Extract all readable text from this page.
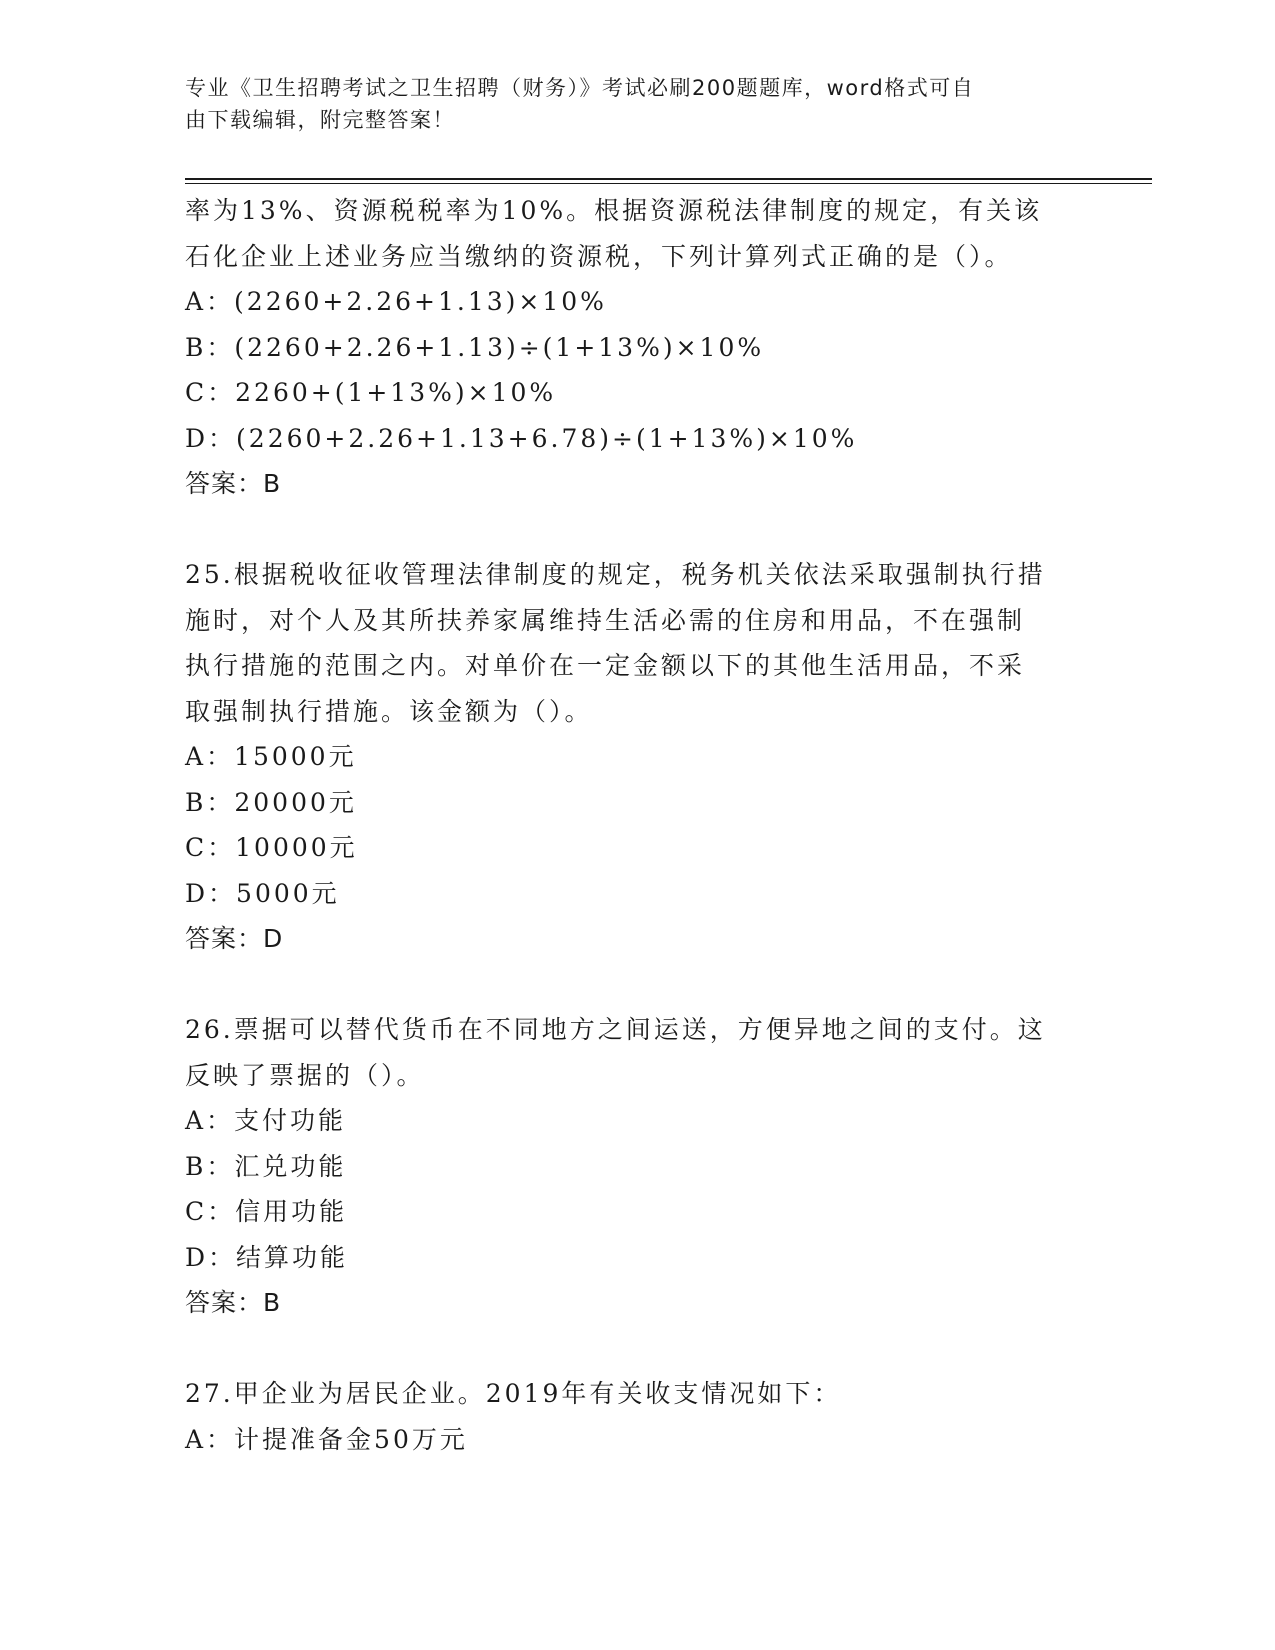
专业《卫生招聘考试之卫生招聘（财务）》考试必刷200题题库，word格式可自
由下载编辑，附完整答案！
率为13%、资源税税率为10%。根据资源税法律制度的规定，有关该
石化企业上述业务应当缴纳的资源税，下列计算列式正确的是（）。
A：(2260+2.26+1.13)×10%
B：(2260+2.26+1.13)÷(1+13%)×10%
C：2260+(1+13%)×10%
D：(2260+2.26+1.13+6.78)÷(1+13%)×10%
答案：B
25.根据税收征收管理法律制度的规定，税务机关依法采取强制执行措
施时，对个人及其所扶养家属维持生活必需的住房和用品，不在强制
执行措施的范围之内。对单价在一定金额以下的其他生活用品，不采
取强制执行措施。该金额为（）。
A：15000元
B：20000元
C：10000元
D：5000元
答案：D
26.票据可以替代货币在不同地方之间运送，方便异地之间的支付。这
反映了票据的（）。
A：支付功能
B：汇兑功能
C：信用功能
D：结算功能
答案：B
27.甲企业为居民企业。2019年有关收支情况如下：
A：计提准备金50万元
